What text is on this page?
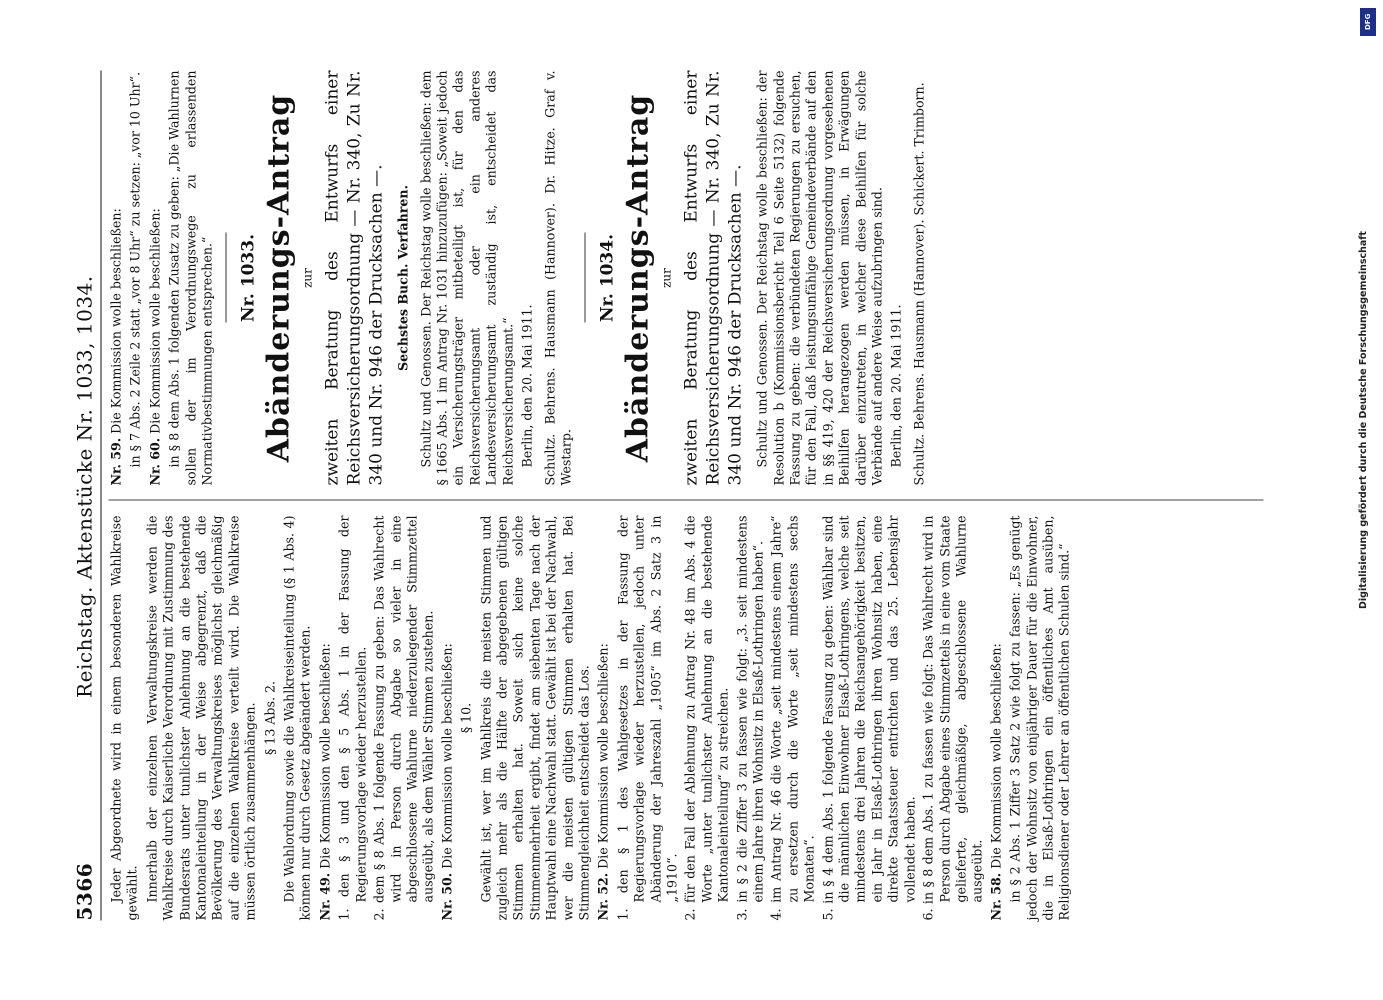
5366
Reichstag. Aktenstücke Nr. 1033, 1034.

Jeder Abgeordnete wird in einem besonderen Wahlkreise gewählt. Innerhalb der einzelnen Verwaltungskreise werden die Wahlkreise durch Kaiserliche Verordnung mit Zustimmung des Bundesrats unter tunlichster Anlehnung an die bestehende Kantonaleinteilung in der Weise abgegrenzt, daß die Bevölkerung des Verwaltungskreises möglichst gleichmäßig auf die einzelnen Wahlkreise verteilt wird. Die Wahlkreise müssen örtlich zusammenhängen. § 13 Abs. 2. Die Wahlordnung sowie die Wahlkreiseinteilung (§ 1 Abs. 4) können nur durch Gesetz abgeändert werden. Nr. 49. Die Kommission wolle beschließen: 1. den § 3 und den § 5 Abs. 1 in der Fassung der Regierungsvorlage wieder herzustellen. 2. dem § 8 Abs. 1 folgende Fassung zu geben: Das Wahlrecht wird in Person durch Abgabe so vieler in eine abgeschlossene Wahlurne niederzulegender Stimmzettel ausgeübt, als dem Wähler Stimmen zustehen. Nr. 50. Die Kommission wolle beschließen: § 10. Gewählt ist, wer im Wahlkreis die meisten Stimmen und zugleich mehr als die Hälfte der abgegebenen gültigen Stimmen erhalten hat. Soweit sich keine solche Stimmenmehrheit ergibt, findet am siebenten Tage nach der Hauptwahl eine Nachwahl statt. Gewählt ist bei der Nachwahl, wer die meisten gültigen Stimmen erhalten hat. Bei Stimmengleichheit entscheidet das Los. Nr. 52. Die Kommission wolle beschließen: 1. den § 1 des Wahlgesetzes in der Fassung der Regierungsvorlage wieder herzustellen, jedoch unter Abänderung der Jahreszahl „1905“ im Abs. 2 Satz 3 in „1910“. 2. für den Fall der Ablehnung zu Antrag Nr. 48 im Abs. 4 die Worte „unter tunlichster Anlehnung an die bestehende Kantonaleinteilung“ zu streichen. 3. in § 2 die Ziffer 3 zu fassen wie folgt: „3. seit mindestens einem Jahre ihren Wohnsitz in Elsaß-Lothringen haben“. 4. im Antrag Nr. 46 die Worte „seit mindestens einem Jahre“ zu ersetzen durch die Worte „seit mindestens sechs Monaten“. 5. in § 4 dem Abs. 1 folgende Fassung zu geben: Wählbar sind die männlichen Einwohner Elsaß-Lothringens, welche seit mindestens drei Jahren die Reichsangehörigkeit besitzen, ein Jahr in Elsaß-Lothringen ihren Wohnsitz haben, eine direkte Staatssteuer entrichten und das 25. Lebensjahr vollendet haben. 6. in § 8 dem Abs. 1 zu fassen wie folgt: Das Wahlrecht wird in Person durch Abgabe eines Stimmzettels in eine vom Staate gelieferte, gleichmäßige, abgeschlossene Wahlurne ausgeübt. Nr. 58. Die Kommission wolle beschließen: in § 2 Abs. 1 Ziffer 3 Satz 2 wie folgt zu fassen: „Es genügt jedoch der Wohnsitz von einjähriger Dauer für die Einwohner, die in Elsaß-Lothringen ein öffentliches Amt ausüben, Religionsdiener oder Lehrer an öffentlichen Schulen sind.“

Nr. 59. Die Kommission wolle beschließen: in § 7 Abs. 2 Zeile 2 statt „vor 8 Uhr“ zu setzen: „vor 10 Uhr“. Nr. 60. Die Kommission wolle beschließen: in § 8 dem Abs. 1 folgenden Zusatz zu geben: „Die Wahlurnen sollen der im Verordnungswege zu erlassenden Normativbestimmungen entsprechen.“ Nr. 1033. Abänderungs-Antrag zur zweiten Beratung des Entwurfs einer Reichsversicherungsordnung — Nr. 340, Zu Nr. 340 und Nr. 946 der Drucksachen —. Sechstes Buch. Verfahren. Schultz und Genossen. Der Reichstag wolle beschließen: dem § 1665 Abs. 1 im Antrag Nr. 1031 hinzuzufügen: „Soweit jedoch ein Versicherungsträger mitbeteiligt ist, für den das Reichsversicherungsamt oder ein anderes Landesversicherungsamt zuständig ist, entscheidet das Reichsversicherungsamt.“ Berlin, den 20. Mai 1911. Schultz. Behrens. Hausmann (Hannover). Dr. Hitze. Graf v. Westarp.

Nr. 1034. Abänderungs-Antrag zur zweiten Beratung des Entwurfs einer Reichsversicherungsordnung — Nr. 340, Zu Nr. 340 und Nr. 946 der Drucksachen —. Schultz und Genossen. Der Reichstag wolle beschließen: der Resolution b (Kommissionsbericht Teil 6 Seite 5132) folgende Fassung zu geben: die verbündeten Regierungen zu ersuchen, für den Fall, daß leistungsunfähige Gemeindeverbände auf den in §§ 419, 420 der Reichsversicherungsordnung vorgesehenen Beihilfen herangezogen werden müssen, in Erwägungen darüber einzutreten, in welcher diese Beihilfen für solche Verbände auf andere Weise aufzubringen sind. Berlin, den 20. Mai 1911. Schultz. Behrens. Hausmann (Hannover). Schickert. Trimborn.

DFG
Digitalisierung gefördert durch die Deutsche Forschungsgemeinschaft
